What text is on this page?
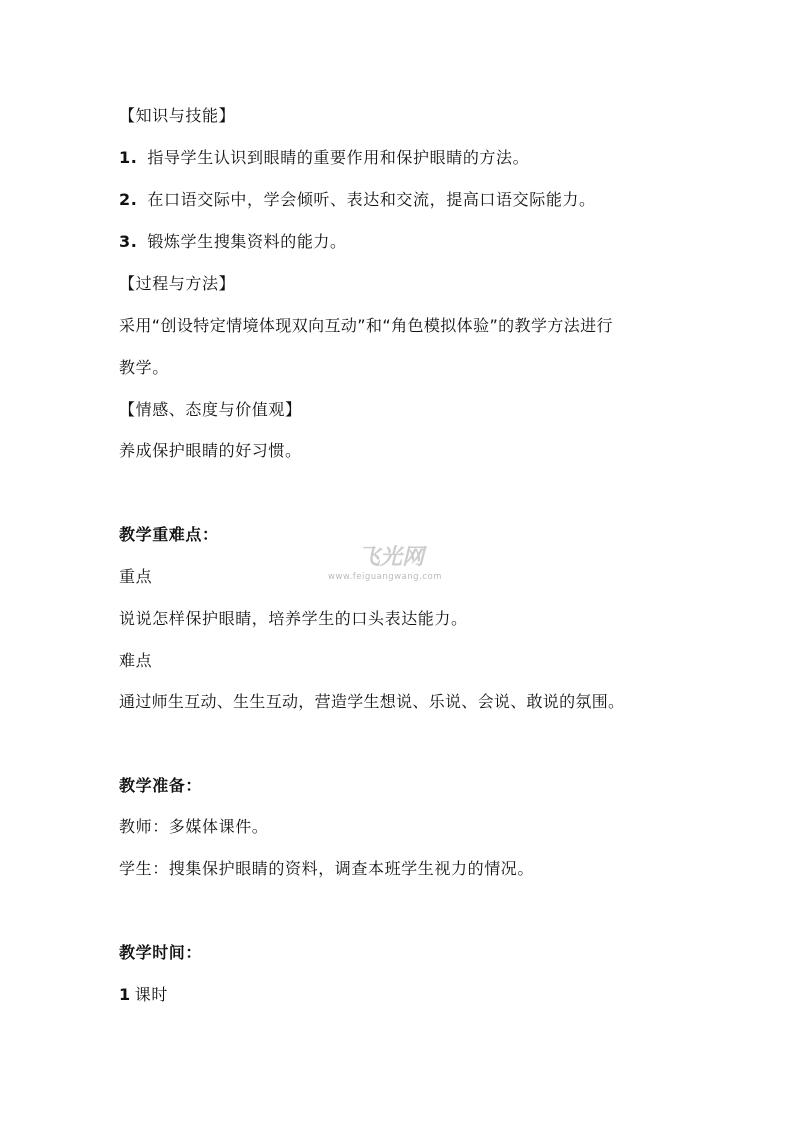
【知识与技能】

1. 指导学生认识到眼睛的重要作用和保护眼睛的方法。

2. 在口语交际中，学会倾听、表达和交流，提高口语交际能力。

3. 锻炼学生搜集资料的能力。

【过程与方法】

采用“创设特定情境体现双向互动”和“角色模拟体验”的教学方法进行

教学。

【情感、态度与价值观】

养成保护眼睛的好习惯。

教学重难点：

重点

说说怎样保护眼睛，培养学生的口头表达能力。

难点

通过师生互动、生生互动，营造学生想说、乐说、会说、敢说的氛围。

教学准备：

教师：多媒体课件。

学生：搜集保护眼睛的资料，调查本班学生视力的情况。

教学时间：

1 课时

飞光网
www.feiguangwang.com
